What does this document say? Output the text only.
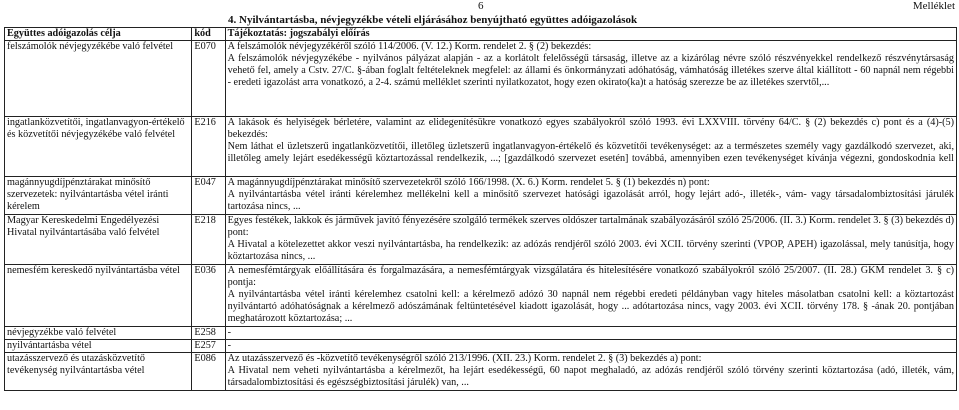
6	Melléklet
4. Nyilvántartásba, névjegyzékbe vételi eljárásához benyújtható együttes adóigazolások
Együttes adóigazolás célja	kód	Tájékoztatás: jogszabályi előírás
felszámolók névjegyzékébe való felvétel	E070	A felszámolók névjegyzékéről szóló 114/2006. (V. 12.) Korm. rendelet 2. § (2) bekezdés:
A felszámolók névjegyzékébe - nyilvános pályázat alapján - az a korlátolt felelősségű társaság, illetve az a kizárólag névre szóló részvényekkel rendelkező részvénytársaság vehető fel, amely a Cstv. 27/C. §-ában foglalt feltételeknek megfelel: az állami és önkormányzati adóhatóság, vámhatóság illetékes szerve által kiállított - 60 napnál nem régebbi - eredeti igazolást arra vonatkozó, a 2-4. számú melléklet szerinti nyilatkozatot, hogy ezen okirato(ka)t a hatóság szerezze be az illetékes szervtől,...

ingatlanközvetítői, ingatlanvagyon-értékelő és közvetítői névjegyzékébe való felvétel	E216	A lakások és helyiségek bérletére, valamint az elidegenítésükre vonatkozó egyes szabályokról szóló 1993. évi LXXVIII. törvény 64/C. § (2) bekezdés c) pont és a (4)-(5) bekezdés:
Nem láthat el üzletszerű ingatlanközvetítői, illetőleg üzletszerű ingatlanvagyon-értékelő és közvetítői tevékenységet: az a természetes személy vagy gazdálkodó szervezet, aki, illetőleg amely lejárt esedékességű köztartozással rendelkezik, ...; [gazdálkodó szervezet esetén] továbbá, amennyiben ezen tevékenységet kívánja végezni, gondoskodnia kell

magánnyugdíjpénztárakat minősítő szervezetek: nyilvántartásba vétel iránti kérelem	E047	A magánnyugdíjpénztárakat minősítő szervezetekről szóló 166/1998. (X. 6.) Korm. rendelet 5. § (1) bekezdés n) pont:
A nyilvántartásba vétel iránti kérelemhez mellékelni kell a minősítő szervezet hatósági igazolását arról, hogy lejárt adó-, illeték-, vám- vagy társadalombiztosítási járulék tartozása nincs, ...

Magyar Kereskedelmi Engedélyezési Hivatal nyilvántartásába való felvétel	E218	Egyes festékek, lakkok és járművek javító fényezésére szolgáló termékek szerves oldószer tartalmának szabályozásáról szóló 25/2006. (II. 3.) Korm. rendelet 3. § (3) bekezdés d) pont:
A Hivatal a kötelezettet akkor veszi nyilvántartásba, ha rendelkezik: az adózás rendjéről szóló 2003. évi XCII. törvény szerinti (VPOP, APEH) igazolással, mely tanúsítja, hogy köztartozása nincs, ...

nemesfém kereskedő nyilvántartásba vétel	E036	A nemesfémtárgyak előállítására és forgalmazására, a nemesfémtárgyak vizsgálatára és hitelesítésére vonatkozó szabályokról szóló 25/2007. (II. 28.) GKM rendelet 3. § c) pontja:
A nyilvántartásba vétel iránti kérelemhez csatolni kell: a kérelmező adózó 30 napnál nem régebbi eredeti példányban vagy hiteles másolatban csatolni kell: a köztartozást nyilvántartó adóhatóságnak a kérelmező adószámának feltüntetésével kiadott igazolását, hogy ... adótartozása nincs, vagy 2003. évi XCII. törvény 178. § -ának 20. pontjában meghatározott köztartozása; ...

névjegyzékbe való felvétel	E258	-
nyilvántartásba vétel	E257	-
utazásszervező és utazásközvetítő tevékenység nyilvántartásba vétel	E086	Az utazásszervező és -közvetítő tevékenységről szóló 213/1996. (XII. 23.) Korm. rendelet 2. § (3) bekezdés a) pont:
A Hivatal nem veheti nyilvántartásba a kérelmezőt, ha lejárt esedékességű, 60 napot meghaladó, az adózás rendjéről szóló törvény szerinti köztartozása (adó, illeték, vám, társadalombiztosítási és egészségbiztosítási járulék) van, ...
